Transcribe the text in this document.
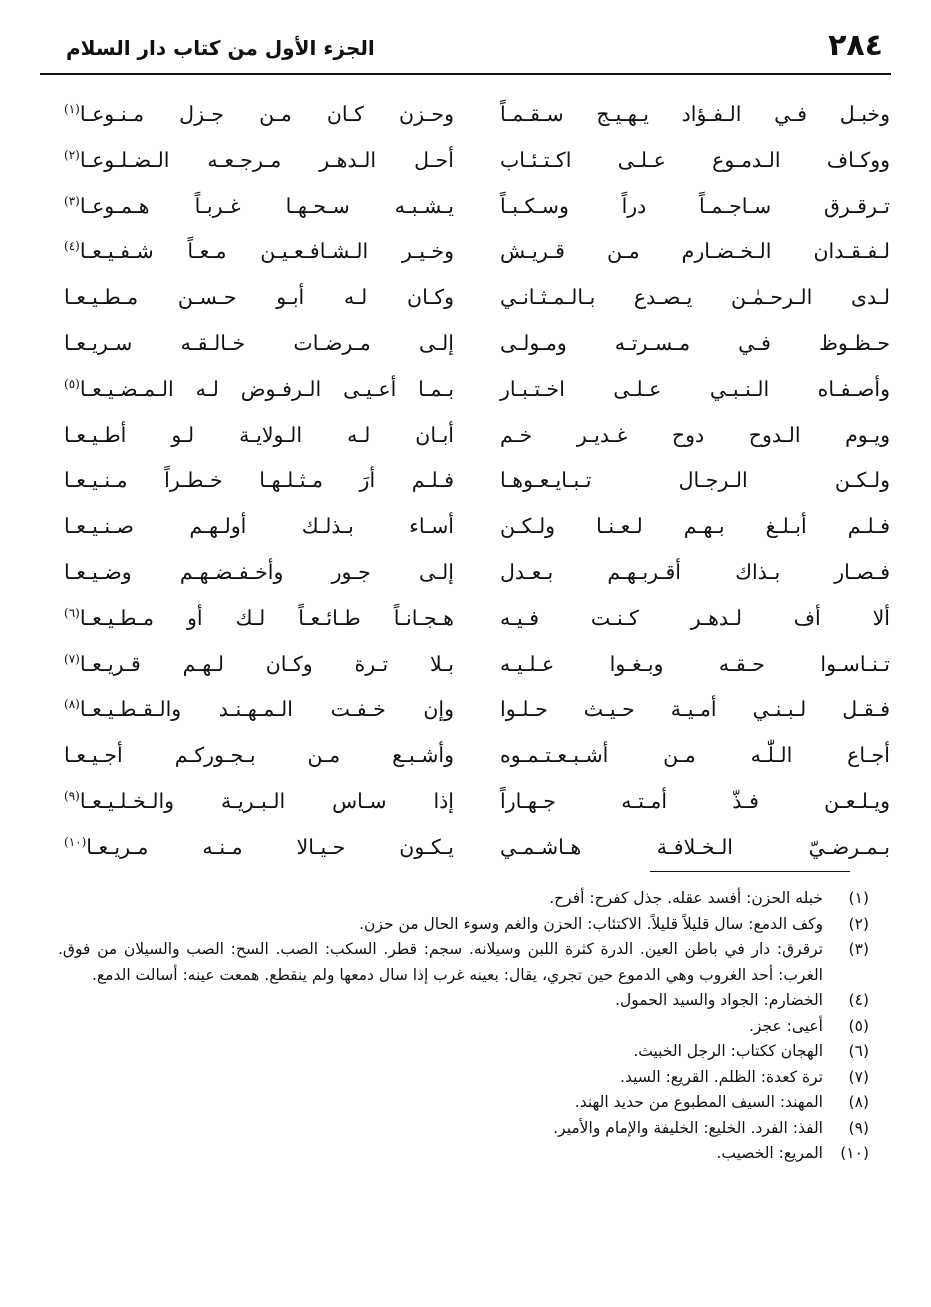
٢٨٤
الجزء الأول من كتاب دار السلام
وخبـل فـي الـفـؤاد يـهـيـج سـقـمـاً
ووكـاف الـدمـوع عـلـى اكـتـئـاب
تـرقـرق سـاجـمـاً دراً وسـكـبـاً
لـفـقـدان الـخـضـارم مـن قـريـش
لـدى الـرحـمٰـن يـصـدع بـالـمـثـانـي
حـظـوظ فـي مـسـرتـه ومـولـى
وأصـفـاه الـنـبـي عـلـى اخـتـبـار
ويـوم الـدوح دوح غـديـر خـم
ولـكـن الـرجـال تـبـايـعـوهـا
فـلـم أبـلـغ بـهـم لـعـنـا ولـكـن
فـصـار بـذاك أقـربـهـم بـعـدل
ألا أف لـدهـر كـنـت فـيـه
تـنـاسـوا حـقـه وبـغـوا عـلـيـه
فـقـل لـبـنـي أمـيـة حـيـث حـلـوا
أجـاع الـلّٰـه مـن أشـبـعـتـمـوه
ويـلـعـن فـذّ أمـتـه جـهـاراً
بـمـرضـيّ الـخـلافـة هـاشـمـي
وحـزن كـان مـن جـزل مـنـوعـا$^{(١)}$
أحـل الـدهـر مـرجـعـه الـضـلـوعـا$^{(٢)}$
يـشـبـه سـحـهـا غـربـاً هـمـوعـا$^{(٣)}$
وخـيـر الـشـافـعـيـن مـعـاً شـفـيـعـا$^{(٤)}$
وكـان لـه أبـو حـسـن مـطـيـعـا
إلـى مـرضـات خـالـقـه سـريـعـا
بـمـا أعـيـى الـرفـوض لـه الـمـضـيـعـا$^{(٥)}$
أبـان لـه الـولايـة لـو أطـيـعـا
فـلـم أرَ مـثـلـهـا خـطـراً مـنـيـعـا
أسـاء بـذلـك أولـهـم صـنـيـعـا
إلـى جـور وأخـفـضـهـم وضـيـعـا
هـجـانـاً طـائـعـاً لـك أو مـطـيـعـا$^{(٦)}$
بـلا تـرة وكـان لـهـم قـريـعـا$^{(٧)}$
وإن خـفـت الـمـهـنـد والـقـطـيـعـا$^{(٨)}$
وأشـبـع مـن بـجـوركـم أجـيـعـا
إذا سـاس الـبـريـة والـخـلـيـعـا$^{(٩)}$
يـكـون حـيـالا مـنـه مـريـعـا$^{(١٠)}$
(١)
خبله الحزن: أفسد عقله. جذل كفرح: أفرح.
(٢)
وكف الدمع: سال قليلاً قليلاً. الاكتئاب: الحزن والغم وسوء الحال من حزن.
(٣)
ترقرق: دار في باطن العين. الدرة كثرة اللبن وسيلانه. سجم: قطر. السكب: الصب. السح: الصب والسيلان من فوق. الغرب: أحد الغروب وهي الدموع حين تجري، يقال: بعينه غرب إذا سال دمعها ولم ينقطع. همعت عينه: أسالت الدمع.
(٤)
الخضارم: الجواد والسيد الحمول.
(٥)
أعيى: عجز.
(٦)
الهجان ككتاب: الرجل الخبيث.
(٧)
ترة كعدة: الظلم. القريع: السيد.
(٨)
المهند: السيف المطبوع من حديد الهند.
(٩)
الفذ: الفرد. الخليع: الخليفة والإمام والأمير.
(١٠)
المريع: الخصيب.
